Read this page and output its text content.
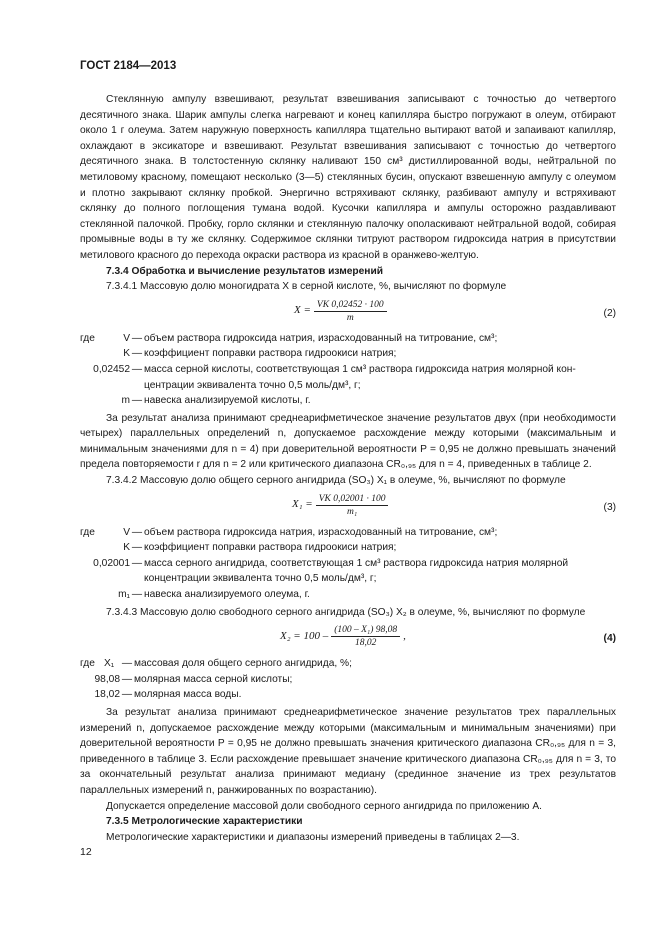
ГОСТ 2184—2013

Стеклянную ампулу взвешивают, результат взвешивания записывают с точностью до четвертого десятичного знака. Шарик ампулы слегка нагревают и конец капилляра быстро погружают в олеум, отбирают около 1 г олеума. Затем наружную поверхность капилляра тщательно вытирают ватой и запаивают капилляр, охлаждают в эксикаторе и взвешивают. Результат взвешивания записывают с точностью до четвертого десятичного знака. В толстостенную склянку наливают 150 см³ дистиллированной воды, нейтральной по метиловому красному, помещают несколько (3—5) стеклянных бусин, опускают взвешенную ампулу с олеумом и плотно закрывают склянку пробкой. Энергично встряхивают склянку, разбивают ампулу и встряхивают склянку до полного поглощения тумана водой. Кусочки капилляра и ампулы осторожно раздавливают стеклянной палочкой. Пробку, горло склянки и стеклянную палочку ополаскивают нейтральной водой, собирая промывные воды в ту же склянку. Содержимое склянки титруют раствором гидроксида натрия в присутствии метилового красного до перехода окраски раствора из красной в оранжево-желтую.

7.3.4 Обработка и вычисление результатов измерений

7.3.4.1 Массовую долю моногидрата X в серной кислоте, %, вычисляют по формуле

$X = \frac{VK 0,02452 \cdot 100}{m}$	(2)
где	V — объем раствора гидроксида натрия, израсходованный на титрование, см³;
K — коэффициент поправки раствора гидроокиси натрия;
0,02452 — масса серной кислоты, соответствующая 1 см³ раствора гидроксида натрия молярной кон-
центрации эквивалента точно 0,5 моль/дм³, г;
m — навеска анализируемой кислоты, г.

За результат анализа принимают среднеарифметическое значение результатов двух (при необходимости четырех) параллельных определений n, допускаемое расхождение между которыми (максимальным и минимальным значениями для n = 4) при доверительной вероятности P = 0,95 не должно превышать значений предела повторяемости r для n = 2 или критического диапазона CR₀,₉₅ для n = 4, приведенных в таблице 2.

7.3.4.2 Массовую долю общего серного ангидрида (SO₃) X₁ в олеуме, %, вычисляют по формуле

$X_1 = \frac{VK 0,02001 \cdot 100}{\text{m₁}}$	(3)
где	V — объем раствора гидроксида натрия, израсходованный на титрование, см³;
K — коэффициент поправки раствора гидроокиси натрия;
0,02001 — масса серного ангидрида, соответствующая 1 см³ раствора гидроксида натрия молярной
концентрации эквивалента точно 0,5 моль/дм³, г;
m₁ — навеска анализируемого олеума, г.

7.3.4.3 Массовую долю свободного серного ангидрида (SO₃) X₂ в олеуме, %, вычисляют по формуле

$X_2 = 100 - \frac{\text{(100 – X₁) 98,08}}{18,02}$ ,	(4)
где X₁ — массовая доля общего серного ангидрида, %;
98,08 — молярная масса серной кислоты;
18,02 — молярная масса воды.

За результат анализа принимают среднеарифметическое значение результатов трех параллельных измерений n, допускаемое расхождение между которыми (максимальным и минимальным значениями) при доверительной вероятности P = 0,95 не должно превышать значения критического диапазона CR₀,₉₅ для n = 3, приведенного в таблице 3. Если расхождение превышает значение критического диапазона CR₀,₉₅ для n = 3, то за окончательный результат анализа принимают медиану (срединное значение из трех результатов параллельных измерений n, ранжированных по возрастанию).

Допускается определение массовой доли свободного серного ангидрида по приложению А.

7.3.5 Метрологические характеристики

Метрологические характеристики и диапазоны измерений приведены в таблицах 2—3.

12
